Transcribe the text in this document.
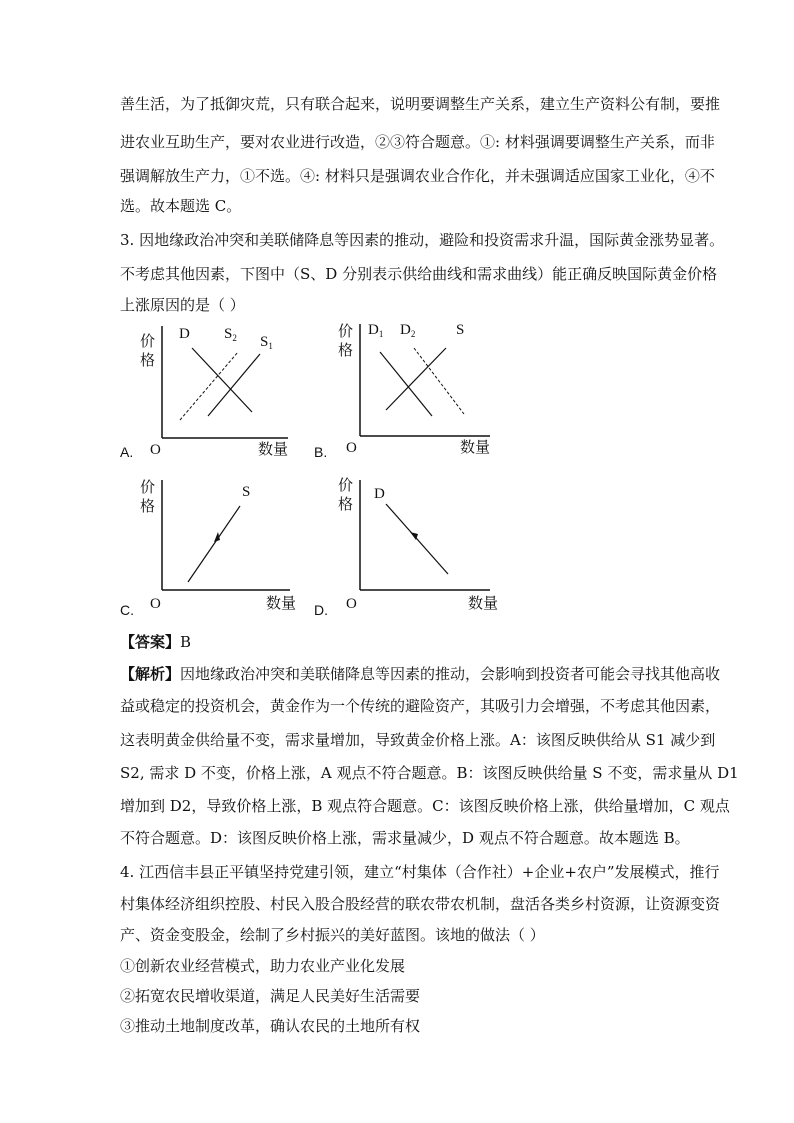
善生活，为了抵御灾荒，只有联合起来，说明要调整生产关系，建立生产资料公有制，要推
进农业互助生产，要对农业进行改造，②③符合题意。①: 材料强调要调整生产关系，而非
强调解放生产力，①不选。④: 材料只是强调农业合作化，并未强调适应国家工业化，④不
选。故本题选 C。
3. 因地缘政治冲突和美联储降息等因素的推动，避险和投资需求升温，国际黄金涨势显著。
不考虑其他因素，下图中（S、D 分别表示供给曲线和需求曲线）能正确反映国际黄金价格
上涨原因的是（ ）
A.
价
格
O	数量
D $S_2$ $S_1$
B.
价
格
O	数量
$D_1$ $D_2$	S
C.
价
格
O	数量
S
D.
价
格
O	数量
D
【答案】B
【解析】因地缘政治冲突和美联储降息等因素的推动，会影响到投资者可能会寻找其他高收
益或稳定的投资机会，黄金作为一个传统的避险资产，其吸引力会增强，不考虑其他因素，
这表明黄金供给量不变，需求量增加，导致黄金价格上涨。A：该图反映供给从 S1 减少到
S2, 需求 D 不变，价格上涨，A 观点不符合题意。B：该图反映供给量 S 不变，需求量从 D1
增加到 D2，导致价格上涨，B 观点符合题意。C：该图反映价格上涨，供给量增加，C 观点
不符合题意。D：该图反映价格上涨，需求量减少，D 观点不符合题意。故本题选 B。
4. 江西信丰县正平镇坚持党建引领，建立“村集体（合作社）+企业+农户”发展模式，推行
村集体经济组织控股、村民入股合股经营的联农带农机制，盘活各类乡村资源，让资源变资
产、资金变股金，绘制了乡村振兴的美好蓝图。该地的做法（ ）
①创新农业经营模式，助力农业产业化发展
②拓宽农民增收渠道，满足人民美好生活需要
③推动土地制度改革，确认农民的土地所有权
